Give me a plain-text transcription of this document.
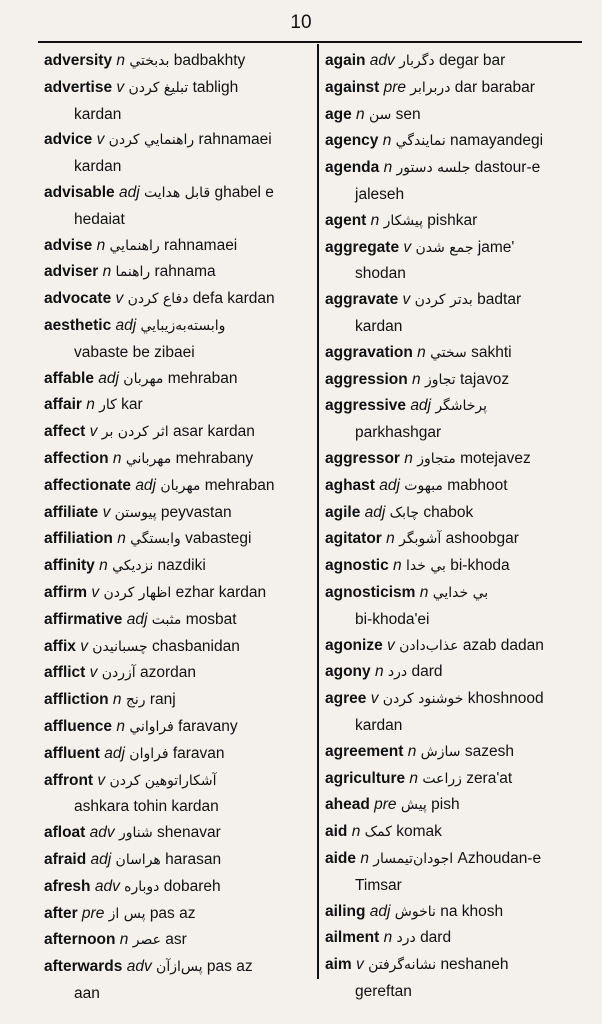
10

adversity n بدبختي badbakhty

advertise v تبليغ كردن tabligh
kardan

advice v راهنمايي كردن rahnamaei
kardan

advisable adj قابل هدايت ghabel e
hedaiat

advise n راهنمايي rahnamaei

adviser n راهنما rahnama

advocate v دفاع كردن defa kardan

aesthetic adj وابسته‌به‌زيبايي
vabaste be zibaei

affable adj مهربان mehraban

affair n كار kar

affect v اثر كردن بر asar kardan

affection n مهرباني mehrabany

affectionate adj مهربان mehraban

affiliate v پيوستن peyvastan

affiliation n وابستگي vabastegi

affinity n نزديكي nazdiki

affirm v اظهار كردن ezhar kardan

affirmative adj مثبت mosbat

affix v چسبانيدن chasbanidan

afflict v آزردن azordan

affliction n رنج ranj

affluence n فراواني faravany

affluent adj فراوان faravan

affront v آشكاراتوهين كردن
ashkara tohin kardan

afloat adv شناور shenavar

afraid adj هراسان harasan

afresh adv دوباره dobareh

after pre پس از pas az

afternoon n عصر asr

afterwards adv پس‌از‌آن pas az
aan

again adv دگربار degar bar

against pre دربرابر dar barabar

age n سن sen

agency n نمايندگي namayandegi

agenda n جلسه دستور dastour-e
jaleseh

agent n پيشكار pishkar

aggregate v جمع شدن jame'
shodan

aggravate v بدتر كردن badtar
kardan

aggravation n سختي sakhti

aggression n تجاوز tajavoz

aggressive adj پرخاشگر
parkhashgar

aggressor n متجاوز motejavez

aghast adj مبهوت mabhoot

agile adj چابک chabok

agitator n آشوبگر ashoobgar

agnostic n بي خدا bi-khoda

agnosticism n بي خدايي
bi-khoda'ei

agonize v عذاب‌دادن azab dadan

agony n درد dard

agree v خوشنود كردن khoshnood
kardan

agreement n سازش sazesh

agriculture n زراعت zera'at

ahead pre پيش pish

aid n كمک komak

aide n اجودان‌تيمسار Azhoudan-e
Timsar

ailing adj ناخوش na khosh

ailment n درد dard

aim v نشانه‌گرفتن neshaneh
gereftan
